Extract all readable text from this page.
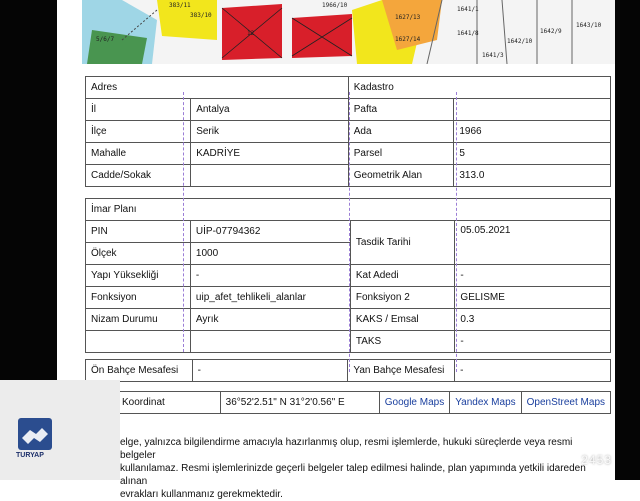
383/11
383/10
1966/10
1627/13
1627/14
1641/1
1641/8
1642/10
1642/9
1643/10
1641/3
5/6/7
12
Adres		Kadastro	
İl	Antalya	Pafta	
İlçe	Serik	Ada	1966
Mahalle	KADRİYE	Parsel	5
Cadde/Sokak		Geometrik Alan	313.0
İmar Planı			
PIN	UİP-07794362	Tasdik Tarihi	05.05.2021
Ölçek	1000		
Yapı Yüksekliği	-	Kat Adedi	-
Fonksiyon	uip_afet_tehlikeli_alanlar	Fonksiyon 2	GELISME
Nizam Durumu	Ayrık	KAKS / Emsal	0.3
		TAKS	-
Ön Bahçe Mesafesi	-	Yan Bahçe Mesafesi	-
Koordinat	36°52'2.51" N 31°2'0.56" E	Google Maps	Yandex Maps	OpenStreet Maps
elge, yalnızca bilgilendirme amacıyla hazırlanmış olup, resmi işlemlerde, hukuki süreçlerde veya resmi belgeler
kullanılamaz. Resmi işlemlerinizde geçerli belgeler talep edilmesi halinde, plan yapımında yetkili idareden alınan
evrakları kullanmanız gerekmektedir.
TURYAP	2453
